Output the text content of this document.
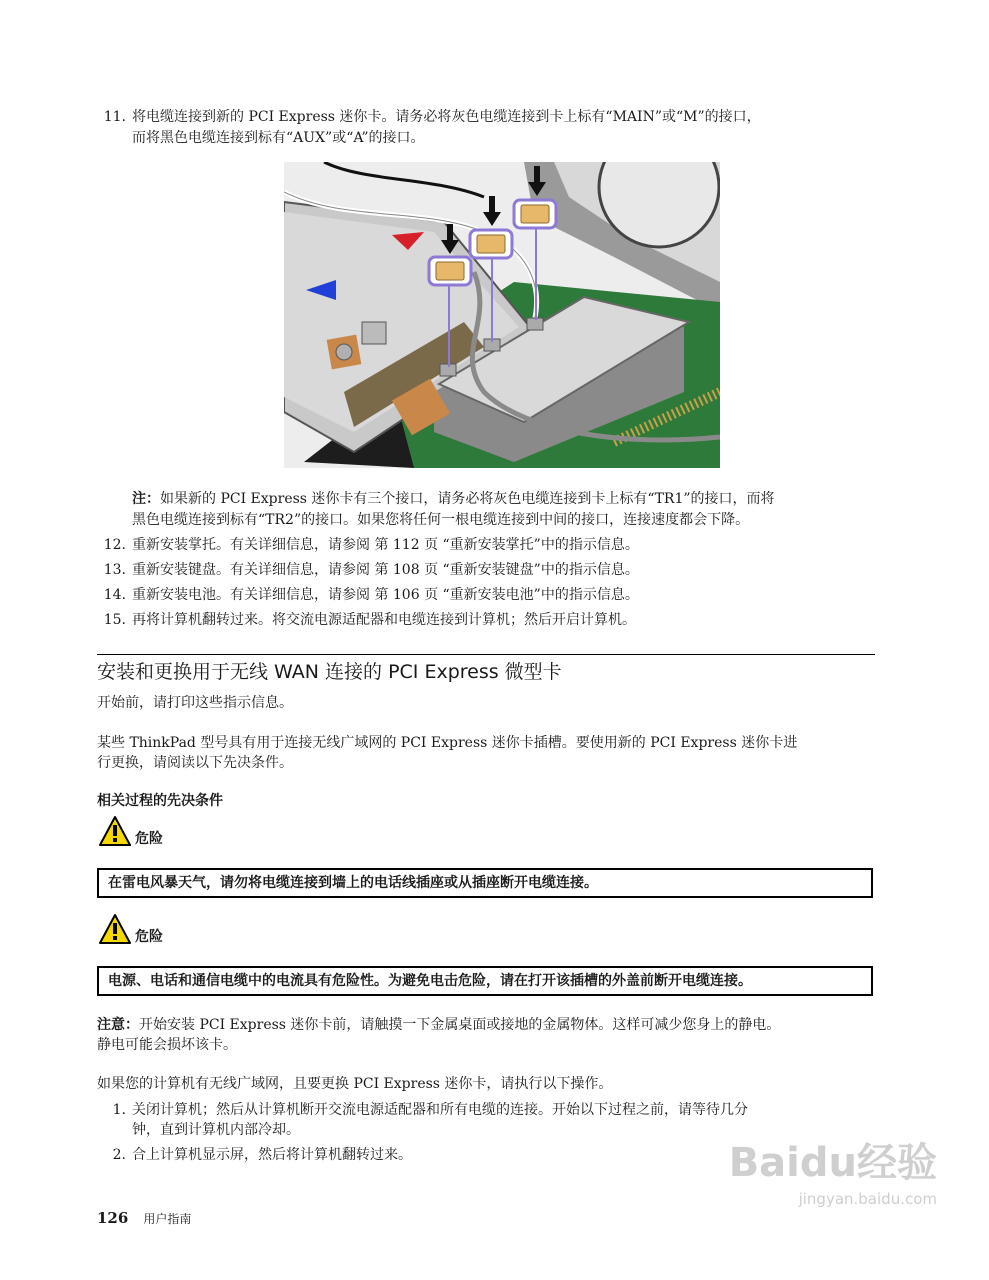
11. 将电缆连接到新的 PCI Express 迷你卡。请务必将灰色电缆连接到卡上标有“MAIN”或“M”的接口，
而将黑色电缆连接到标有“AUX”或“A”的接口。
注：如果新的 PCI Express 迷你卡有三个接口，请务必将灰色电缆连接到卡上标有“TR1”的接口，而将
黑色电缆连接到标有“TR2”的接口。如果您将任何一根电缆连接到中间的接口，连接速度都会下降。
12. 重新安装掌托。有关详细信息，请参阅 第 112 页 “重新安装掌托”中的指示信息。
13. 重新安装键盘。有关详细信息，请参阅 第 108 页 “重新安装键盘”中的指示信息。
14. 重新安装电池。有关详细信息，请参阅 第 106 页 “重新安装电池”中的指示信息。
15. 再将计算机翻转过来。将交流电源适配器和电缆连接到计算机；然后开启计算机。
安装和更换用于无线 WAN 连接的 PCI Express 微型卡
开始前，请打印这些指示信息。
某些 ThinkPad 型号具有用于连接无线广域网的 PCI Express 迷你卡插槽。要使用新的 PCI Express 迷你卡进
行更换，请阅读以下先决条件。
相关过程的先决条件
危险
在雷电风暴天气，请勿将电缆连接到墙上的电话线插座或从插座断开电缆连接。
危险
电源、电话和通信电缆中的电流具有危险性。为避免电击危险，请在打开该插槽的外盖前断开电缆连接。
注意：开始安装 PCI Express 迷你卡前，请触摸一下金属桌面或接地的金属物体。这样可减少您身上的静电。
静电可能会损坏该卡。
如果您的计算机有无线广域网，且要更换 PCI Express 迷你卡，请执行以下操作。
1. 关闭计算机；然后从计算机断开交流电源适配器和所有电缆的连接。开始以下过程之前，请等待几分
钟，直到计算机内部冷却。
2. 合上计算机显示屏，然后将计算机翻转过来。
126 用户指南
Baidu经验
jingyan.baidu.com
